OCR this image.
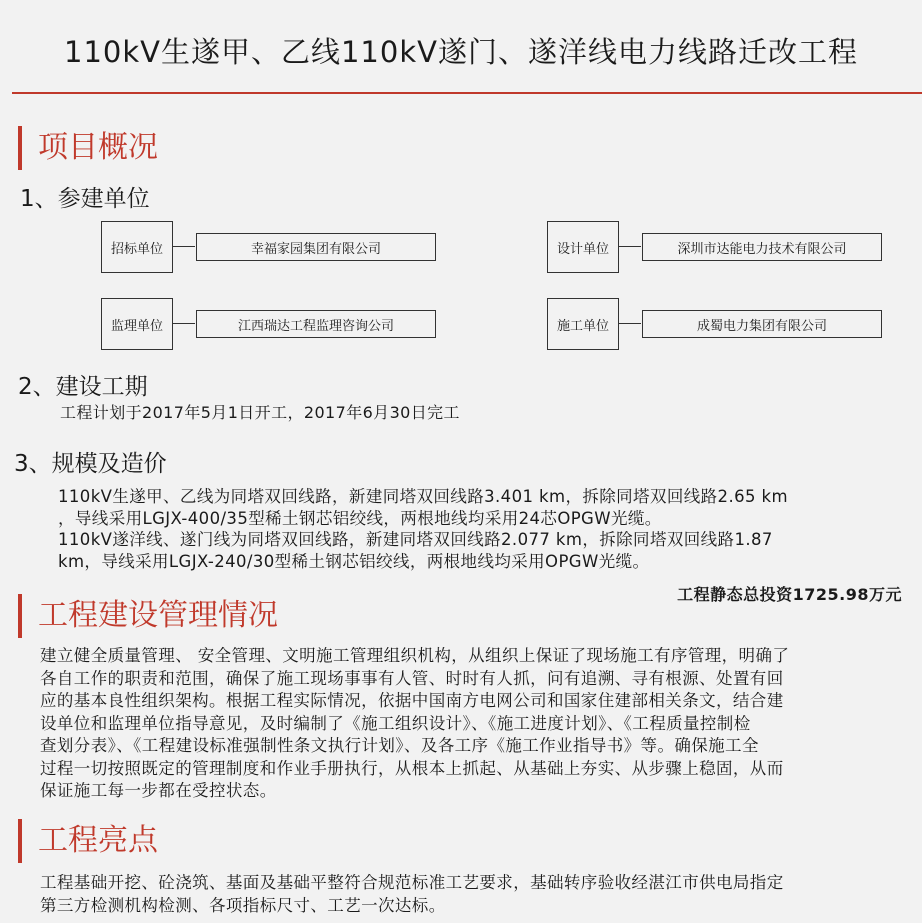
110kV生遂甲、乙线110kV遂门、遂洋线电力线路迁改工程
项目概况
1、参建单位
招标单位	幸福家园集团有限公司	设计单位	深圳市达能电力技术有限公司
监理单位	江西瑞达工程监理咨询公司	施工单位	成蜀电力集团有限公司
2、建设工期
工程计划于2017年5月1日开工，2017年6月30日完工
3、规模及造价
110kV生遂甲、乙线为同塔双回线路，新建同塔双回线路3.401 km，拆除同塔双回线路2.65 km
，导线采用LGJX-400/35型稀土钢芯铝绞线，两根地线均采用24芯OPGW光缆。
110kV遂洋线、遂门线为同塔双回线路，新建同塔双回线路2.077 km，拆除同塔双回线路1.87
km，导线采用LGJX-240/30型稀土钢芯铝绞线，两根地线均采用OPGW光缆。
工程静态总投资1725.98万元
工程建设管理情况
建立健全质量管理、 安全管理、文明施工管理组织机构，从组织上保证了现场施工有序管理，明确了
各自工作的职责和范围，确保了施工现场事事有人管、时时有人抓，问有追溯、寻有根源、处置有回
应的基本良性组织架构。根据工程实际情况，依据中国南方电网公司和国家住建部相关条文，结合建
设单位和监理单位指导意见，及时编制了《施工组织设计》、《施工进度计划》、《工程质量控制检
查划分表》、《工程建设标准强制性条文执行计划》、及各工序《施工作业指导书》等。确保施工全
过程一切按照既定的管理制度和作业手册执行，从根本上抓起、从基础上夯实、从步骤上稳固，从而
保证施工每一步都在受控状态。
工程亮点
工程基础开挖、砼浇筑、基面及基础平整符合规范标准工艺要求，基础转序验收经湛江市供电局指定
第三方检测机构检测、各项指标尺寸、工艺一次达标。
